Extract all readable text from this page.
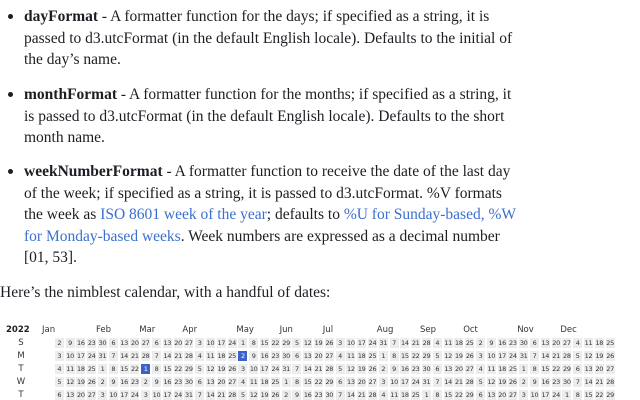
dayFormat - A formatter function for the days; if specified as a string, it is passed to d3.utcFormat (in the default English locale). Defaults to the initial of the day’s name.
monthFormat - A formatter function for the months; if specified as a string, it is passed to d3.utcFormat (in the default English locale). Defaults to the short month name.
weekNumberFormat - A formatter function to receive the date of the last day of the week; if specified as a string, it is passed to d3.utcFormat. %V formats the week as ISO 8601 week of the year; defaults to %U for Sunday-based, %W for Monday-based weeks. Week numbers are expressed as a decimal number [01, 53].

Here’s the nimblest calendar, with a handful of dates:

2022
S
M
T
W
T
Jan
2
3
4
5
6
9
10
11
12
13
16
17
18
19
20
23
24
25
26
27
30
31
Feb
1
2
3
6
7
8
9
10
13
14
15
16
17
20
21
22
23
24
27
28
Mar
1
2
3
6
7
8
9
10
13
14
15
16
17
20
21
22
23
24
27
28
29
30
31
Apr
3
4
5
6
7
10
11
12
13
14
17
18
19
20
21
24
25
26
27
28
May
1
2
3
4
5
8
9
10
11
12
15
16
17
18
19
22
23
24
25
26
29
30
31
Jun
1
2
5
6
7
8
9
12
13
14
15
16
19
20
21
22
23
26
27
28
29
30
Jul
3
4
5
6
7
10
11
12
13
14
17
18
19
20
21
24
25
26
27
28
31
Aug
1
2
3
4
7
8
9
10
11
14
15
16
17
18
21
22
23
24
25
28
29
30
31
Sep
1
4
5
6
7
8
11
12
13
14
15
18
19
20
21
22
25
26
27
28
29
Oct
2
3
4
5
6
9
10
11
12
13
16
17
18
19
20
23
24
25
26
27
30
31
Nov
1
2
3
6
7
8
9
10
13
14
15
16
17
20
21
22
23
24
27
28
29
30
Dec
1
4
5
6
7
8
11
12
13
14
15
18
19
20
21
22
25
26
27
28
29
